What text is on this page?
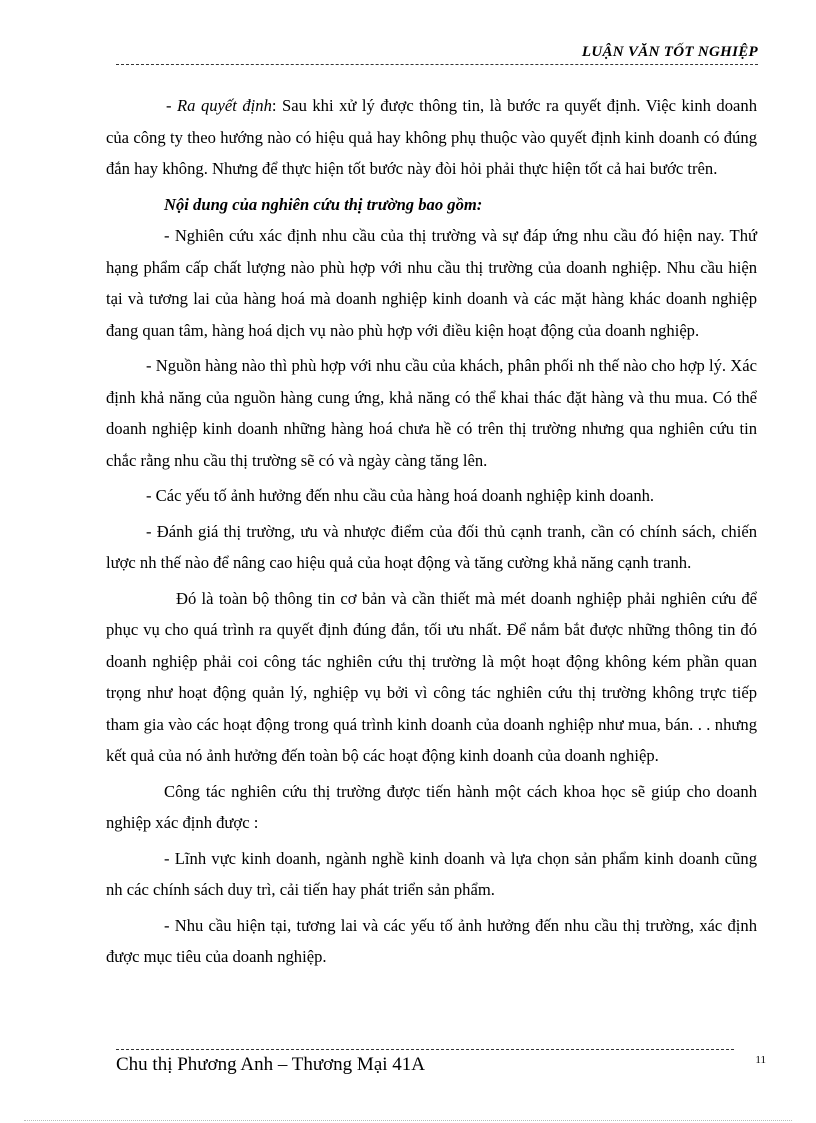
LUẬN VĂN TỐT NGHIỆP

- Ra quyết định: Sau khi xử lý được thông tin, là bước ra quyết định. Việc kinh doanh của công ty theo hướng nào có hiệu quả hay không phụ thuộc vào quyết định kinh doanh có đúng đắn hay không. Nhưng để thực hiện tốt bước này đòi hỏi phải thực hiện tốt cả hai bước trên.

Nội dung của nghiên cứu thị trường bao gồm:

- Nghiên cứu xác định nhu cầu của thị trường và sự đáp ứng nhu cầu đó hiện nay. Thứ hạng phẩm cấp chất lượng nào phù hợp với nhu cầu thị trường của doanh nghiệp. Nhu cầu hiện tại và tương lai của hàng hoá mà doanh nghiệp kinh doanh và các mặt hàng khác doanh nghiệp đang quan tâm, hàng hoá dịch vụ nào phù hợp với điều kiện hoạt động của doanh nghiệp.

- Nguồn hàng nào thì phù hợp với nhu cầu của khách, phân phối nh thế nào cho hợp lý. Xác định khả năng của nguồn hàng cung ứng, khả năng có thể khai thác đặt hàng và thu mua. Có thể doanh nghiệp kinh doanh những hàng hoá chưa hề có trên thị trường nhưng qua nghiên cứu tin chắc rằng nhu cầu thị trường sẽ có và ngày càng tăng lên.

- Các yếu tố ảnh hưởng đến nhu cầu của hàng hoá doanh nghiệp kinh doanh.

- Đánh giá thị trường, ưu và nhược điểm của đối thủ cạnh tranh, cần có chính sách, chiến lược nh thế nào để nâng cao hiệu quả của hoạt động và tăng cường khả năng cạnh tranh.

Đó là toàn bộ thông tin cơ bản và cần thiết mà mét doanh nghiệp phải nghiên cứu để phục vụ cho quá trình ra quyết định đúng đắn, tối ưu nhất. Để nắm bắt được những thông tin đó doanh nghiệp phải coi công tác nghiên cứu thị trường là một hoạt động không kém phần quan trọng như hoạt động quản lý, nghiệp vụ bởi vì công tác nghiên cứu thị trường không trực tiếp tham gia vào các hoạt động trong quá trình kinh doanh của doanh nghiệp như mua, bán. . . nhưng kết quả của nó ảnh hưởng đến toàn bộ các hoạt động kinh doanh của doanh nghiệp.

Công tác nghiên cứu thị trường được tiến hành một cách khoa học sẽ giúp cho doanh nghiệp xác định được :

- Lĩnh vực kinh doanh, ngành nghề kinh doanh và lựa chọn sản phẩm kinh doanh cũng nh các chính sách duy trì, cải tiến hay phát triển sản phẩm.

- Nhu cầu hiện tại, tương lai và các yếu tố ảnh hưởng đến nhu cầu thị trường, xác định được mục tiêu của doanh nghiệp.

Chu thị Phương Anh – Thương Mại 41A	11
